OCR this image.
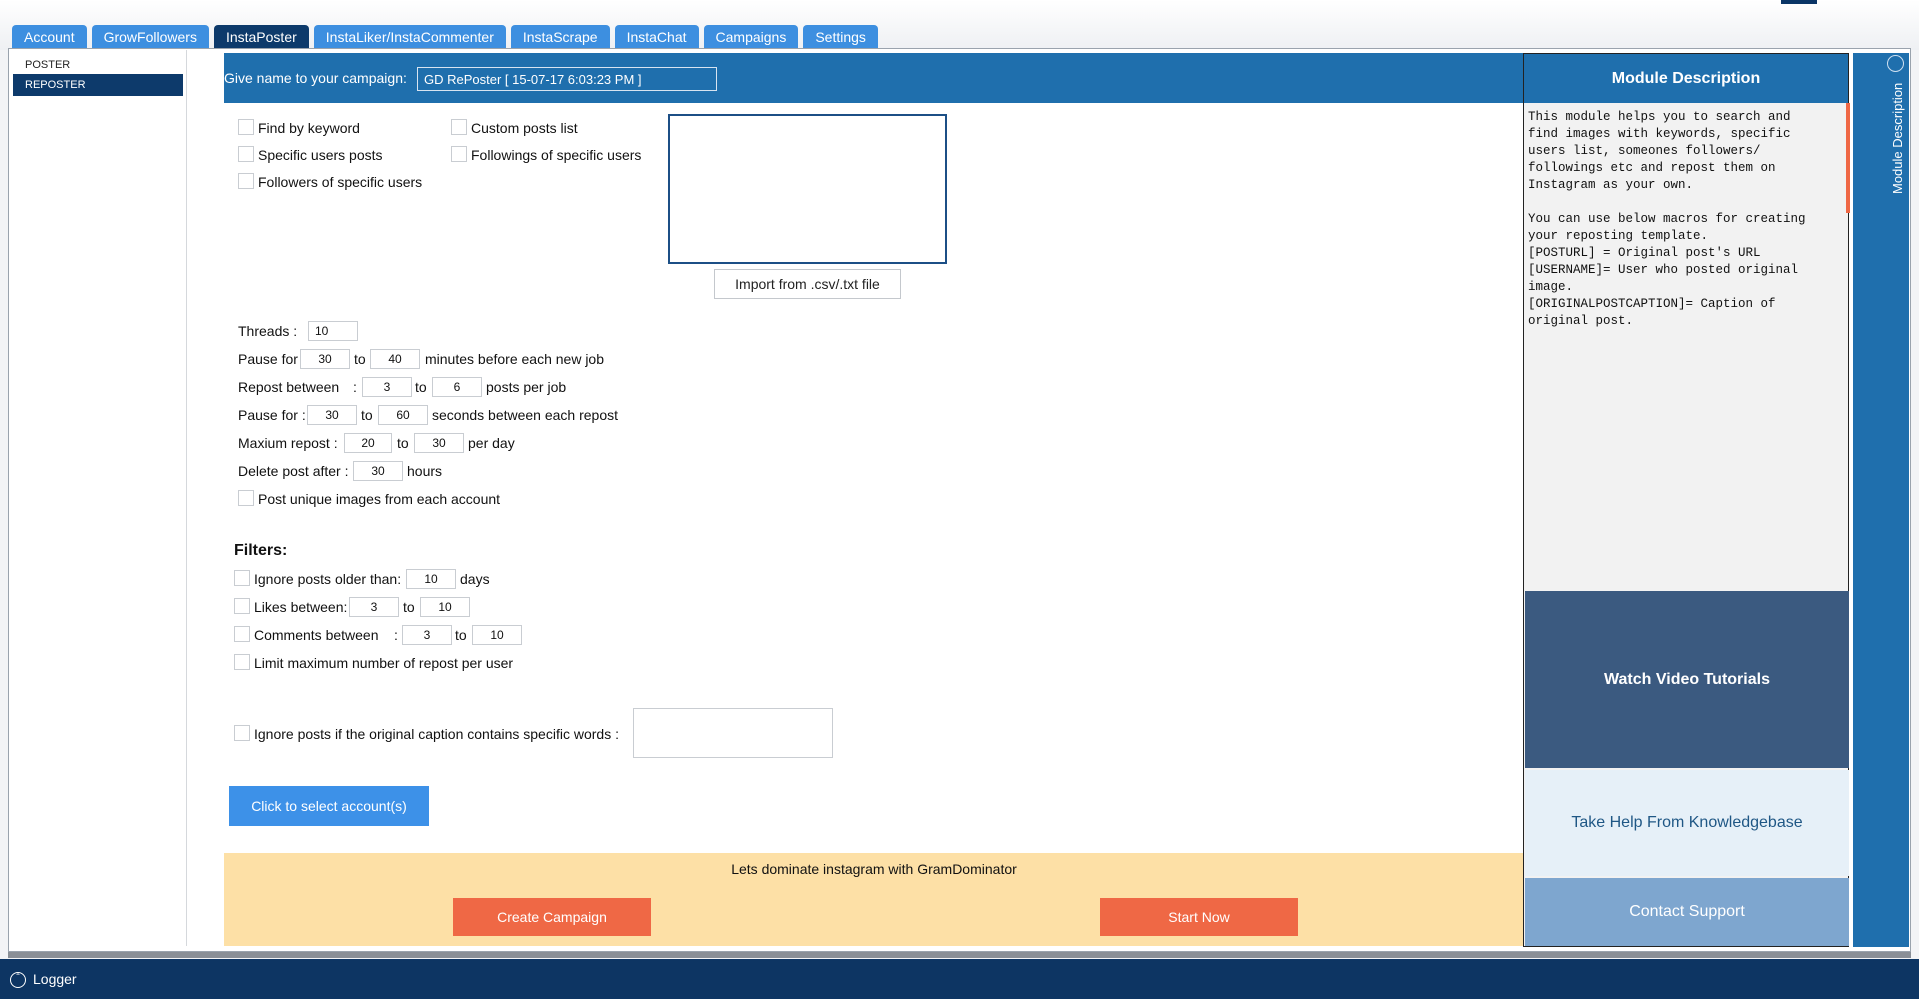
Account	GrowFollowers	InstaPoster	InstaLiker/InstaCommenter	InstaScrape	InstaChat	Campaigns	Settings
POSTER
REPOSTER	Give name to your campaign:
GD RePoster [ 15-07-17 6:03:23 PM ]
Find by keyword
Specific users posts
Followers of specific users
Custom posts list
Followings of specific users
Import from .csv/.txt file
Threads :
10
Pause for
30	to
40	minutes before each new job
Repost between :
3	to
6	posts per job
Pause for :
30	to
60	seconds between each repost
Maxium repost :
20	to
30	per day
Delete post after :
30	hours
Post unique images from each account
Filters:
Ignore posts older than:
10	days
Likes between:
3	to
10
Comments between :
3	to
10
Limit maximum number of repost per user
Ignore posts if the original caption contains specific words :
Click to select account(s)
Lets dominate instagram with GramDominator
Create Campaign	Start Now
Module Description
This module helps you to search and
find images with keywords, specific
users list, someones followers/
followings etc and repost them on
Instagram as your own.

You can use below macros for creating
your reposting template.
[POSTURL] = Original post's URL
[USERNAME]= User who posted original
image.
[ORIGINALPOSTCAPTION]= Caption of
original post.
Watch Video Tutorials
Take Help From Knowledgebase
Contact Support
Module Description
ˆ Logger
